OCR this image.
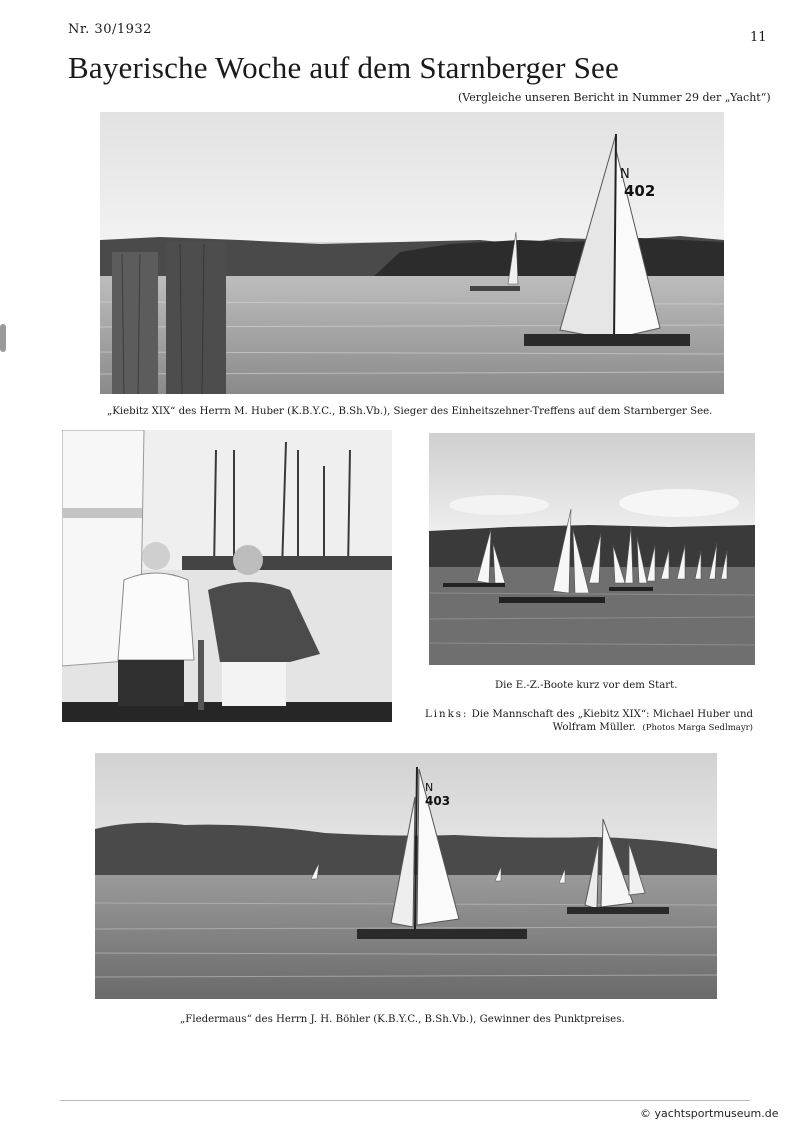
Nr. 30/1932
11
Bayerische Woche auf dem Starnberger See
(Vergleiche unseren Bericht in Nummer 29 der „Yacht“)
N
402
„Kiebitz XIX“ des Herrn M. Huber (K.B.Y.C., B.Sh.Vb.), Sieger des Einheitszehner-Treffens auf dem Starnberger See.
Die E.-Z.-Boote kurz vor dem Start.
Links: Die Mannschaft des „Kiebitz XIX“: Michael Huber und
Wolfram Müller. (Photos Marga Sedlmayr)
N
403
„Fledermaus“ des Herrn J. H. Böhler (K.B.Y.C., B.Sh.Vb.), Gewinner des Punktpreises.
© yachtsportmuseum.de
